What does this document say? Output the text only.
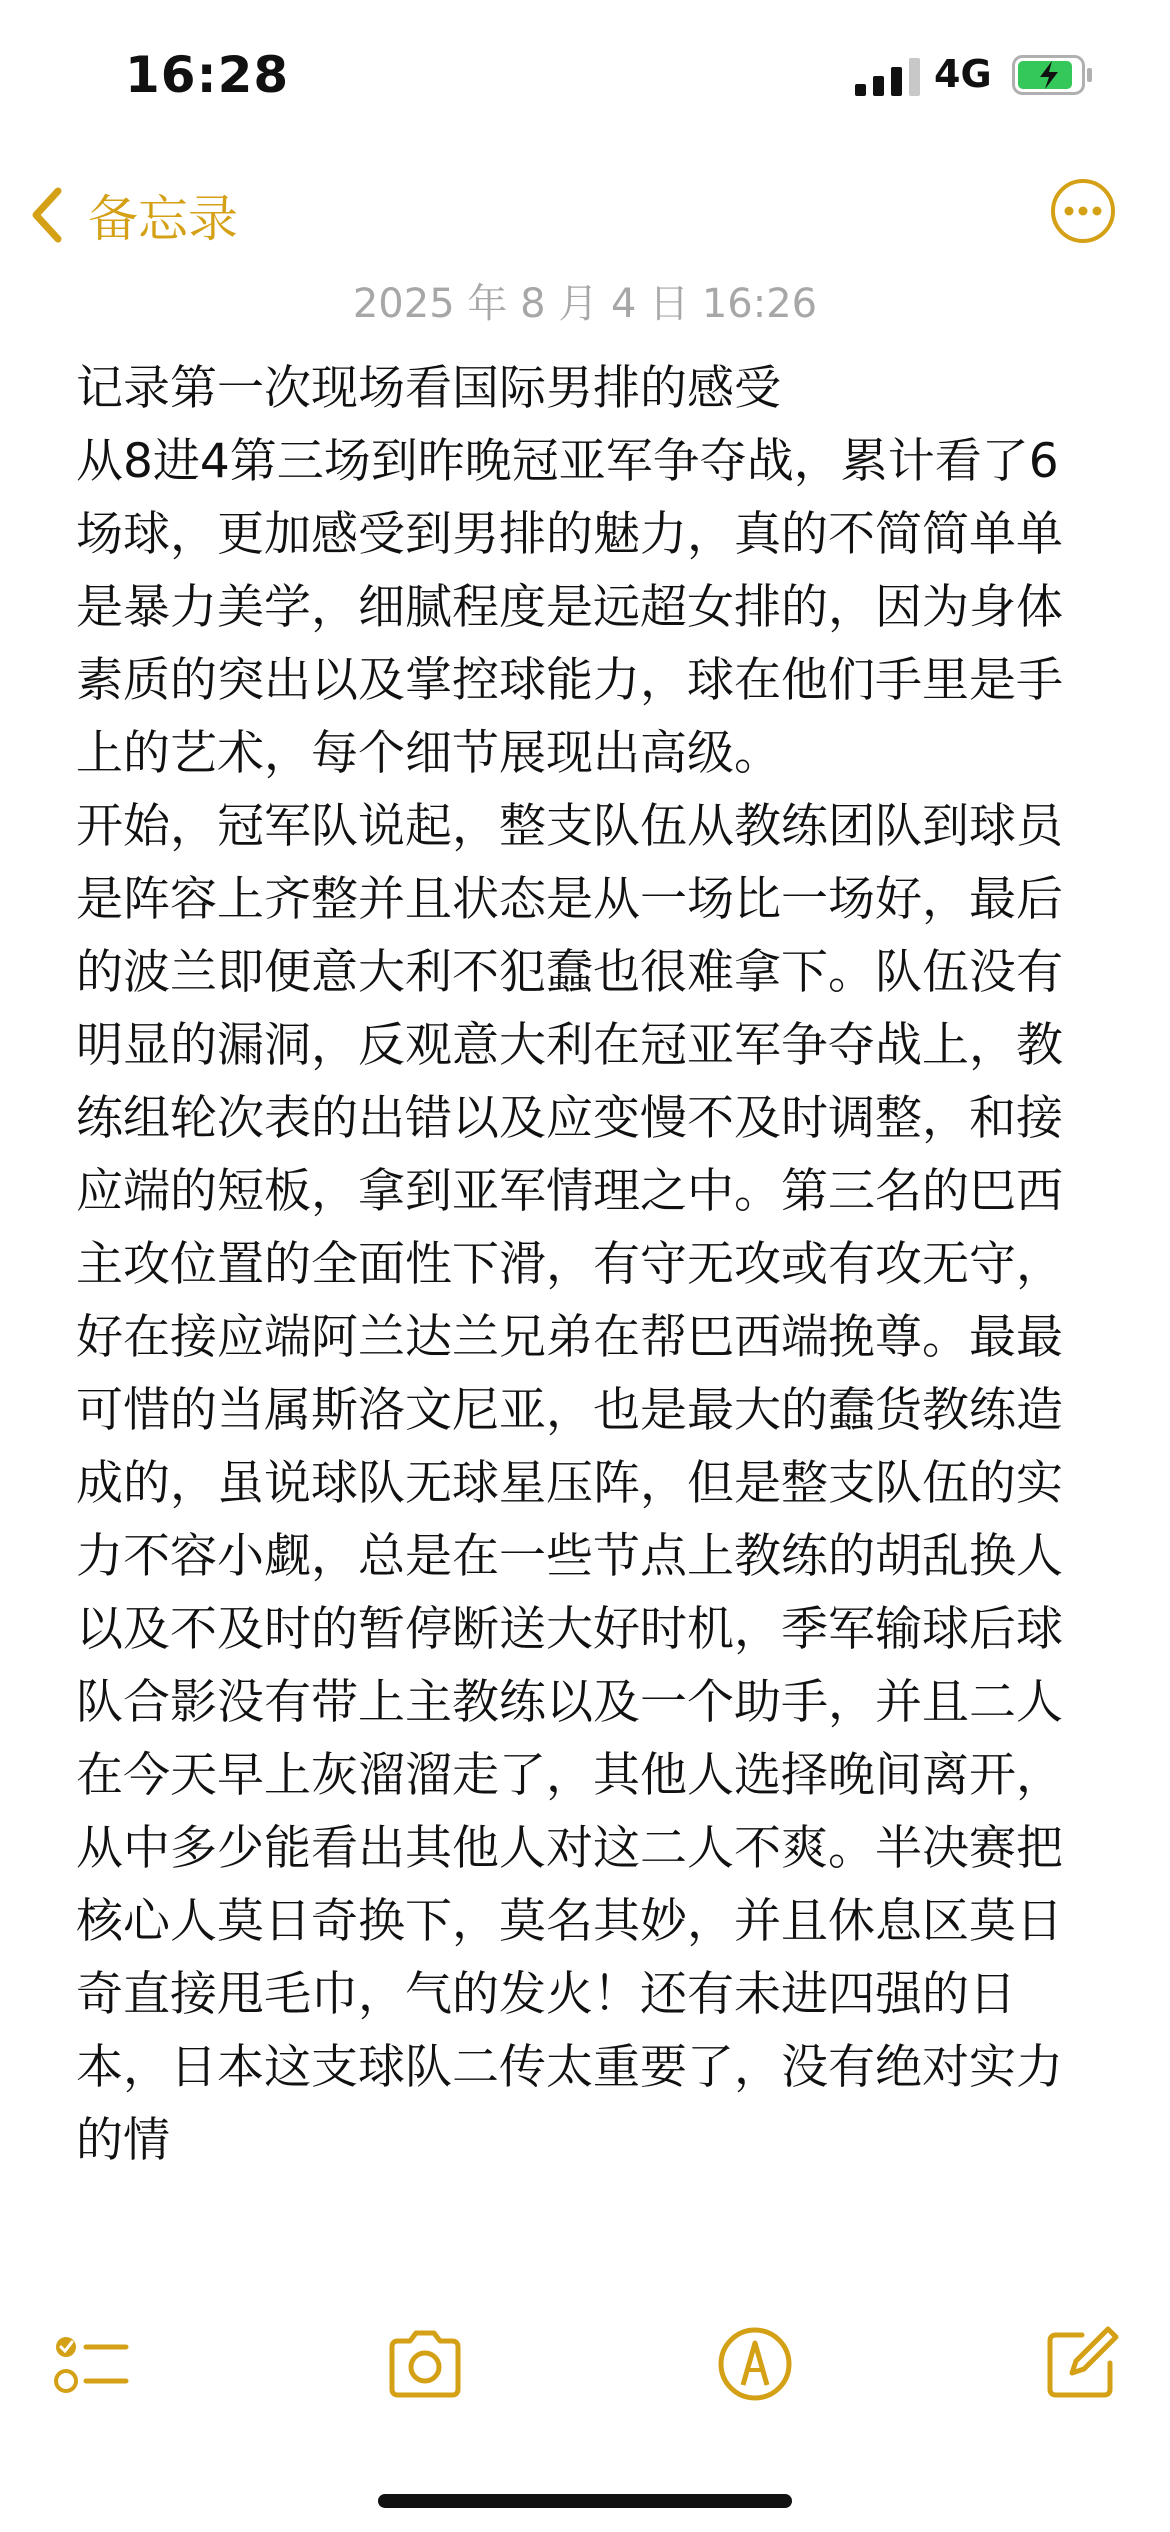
16:28	4G
备忘录
2025 年 8 月 4 日 16:26
记录第一次现场看国际男排的感受
从8进4第三场到昨晚冠亚军争夺战，累计看了6场球，更加感受到男排的魅力，真的不简简单单是暴力美学，细腻程度是远超女排的，因为身体素质的突出以及掌控球能力，球在他们手里是手上的艺术，每个细节展现出高级。
开始，冠军队说起，整支队伍从教练团队到球员是阵容上齐整并且状态是从一场比一场好，最后的波兰即便意大利不犯蠢也很难拿下。队伍没有明显的漏洞，反观意大利在冠亚军争夺战上，教练组轮次表的出错以及应变慢不及时调整，和接应端的短板，拿到亚军情理之中。第三名的巴西主攻位置的全面性下滑，有守无攻或有攻无守，好在接应端阿兰达兰兄弟在帮巴西端挽尊。最最可惜的当属斯洛文尼亚，也是最大的蠢货教练造成的，虽说球队无球星压阵，但是整支队伍的实力不容小觑，总是在一些节点上教练的胡乱换人以及不及时的暂停断送大好时机，季军输球后球队合影没有带上主教练以及一个助手，并且二人在今天早上灰溜溜走了，其他人选择晚间离开，从中多少能看出其他人对这二人不爽。半决赛把核心人莫日奇换下，莫名其妙，并且休息区莫日奇直接甩毛巾，气的发火！还有未进四强的日本，日本这支球队二传太重要了，没有绝对实力的情
